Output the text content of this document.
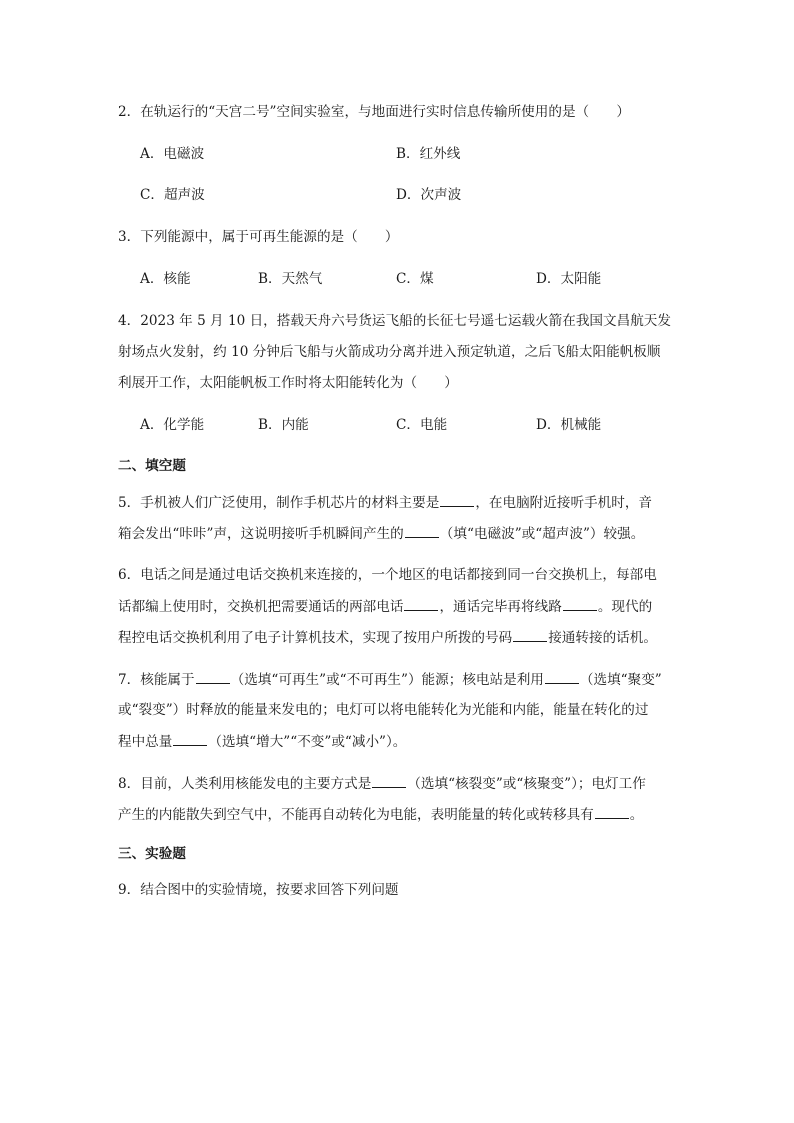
2．在轨运行的“天宫二号”空间实验室，与地面进行实时信息传输所使用的是（　　）
A．电磁波	B．红外线
C．超声波	D．次声波
3．下列能源中，属于可再生能源的是（　　）
A．核能	B．天然气	C．煤	D．太阳能
4．2023 年 5 月 10 日，搭载天舟六号货运飞船的长征七号遥七运载火箭在我国文昌航天发
射场点火发射，约 10 分钟后飞船与火箭成功分离并进入预定轨道，之后飞船太阳能帆板顺
利展开工作，太阳能帆板工作时将太阳能转化为（　　）
A．化学能	B．内能	C．电能	D．机械能
二、填空题
5．手机被人们广泛使用，制作手机芯片的材料主要是	，在电脑附近接听手机时，音
箱会发出“咔咔”声，这说明接听手机瞬间产生的	（填“电磁波”或“超声波”）较强。
6．电话之间是通过电话交换机来连接的，一个地区的电话都接到同一台交换机上，每部电
话都编上使用时，交换机把需要通话的两部电话	，通话完毕再将线路	。现代的
程控电话交换机利用了电子计算机技术，实现了按用户所拨的号码	接通转接的话机。
7．核能属于	（选填“可再生”或“不可再生”）能源；核电站是利用	（选填“聚变”
或“裂变”）时释放的能量来发电的；电灯可以将电能转化为光能和内能，能量在转化的过
程中总量	（选填“增大”“不变”或“减小”）。
8．目前，人类利用核能发电的主要方式是	（选填“核裂变”或“核聚变”）；电灯工作
产生的内能散失到空气中，不能再自动转化为电能，表明能量的转化或转移具有	。
三、实验题
9．结合图中的实验情境，按要求回答下列问题
